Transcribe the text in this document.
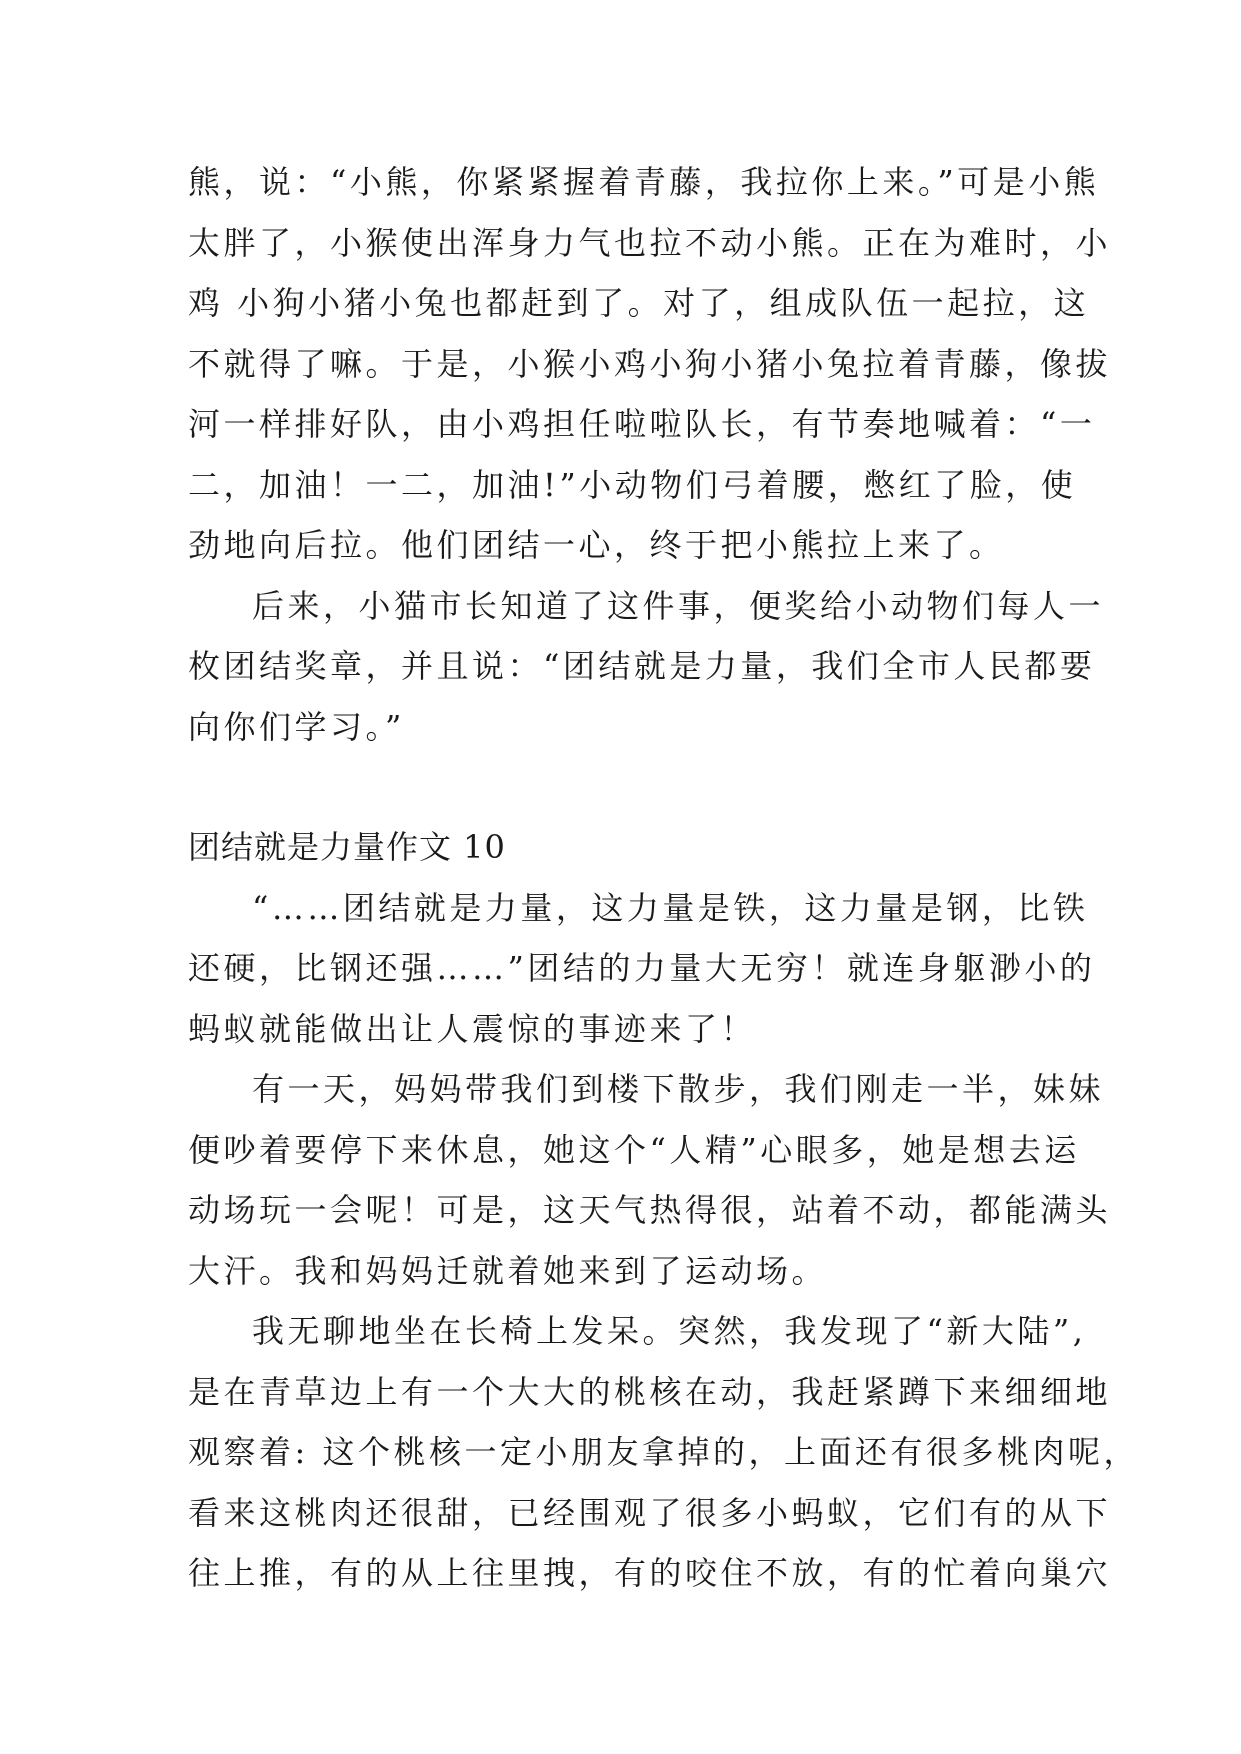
熊，说：“小熊，你紧紧握着青藤，我拉你上来。”可是小熊
太胖了，小猴使出浑身力气也拉不动小熊。正在为难时，小
鸡 小狗小猪小兔也都赶到了。对了，组成队伍一起拉，这
不就得了嘛。于是，小猴小鸡小狗小猪小兔拉着青藤，像拔
河一样排好队，由小鸡担任啦啦队长，有节奏地喊着：“一
二，加油！一二，加油!”小动物们弓着腰，憋红了脸，使
劲地向后拉。他们团结一心，终于把小熊拉上来了。
后来，小猫市长知道了这件事，便奖给小动物们每人一
枚团结奖章，并且说：“团结就是力量，我们全市人民都要
向你们学习。”
团结就是力量作文 10
“……团结就是力量，这力量是铁，这力量是钢，比铁
还硬，比钢还强……”团结的力量大无穷！就连身躯渺小的
蚂蚁就能做出让人震惊的事迹来了！
有一天，妈妈带我们到楼下散步，我们刚走一半，妹妹
便吵着要停下来休息，她这个“人精”心眼多，她是想去运
动场玩一会呢！可是，这天气热得很，站着不动，都能满头
大汗。我和妈妈迁就着她来到了运动场。
我无聊地坐在长椅上发呆。突然，我发现了“新大陆”,
是在青草边上有一个大大的桃核在动，我赶紧蹲下来细细地
观察着: 这个桃核一定小朋友拿掉的，上面还有很多桃肉呢，
看来这桃肉还很甜，已经围观了很多小蚂蚁，它们有的从下
往上推，有的从上往里拽，有的咬住不放，有的忙着向巢穴
